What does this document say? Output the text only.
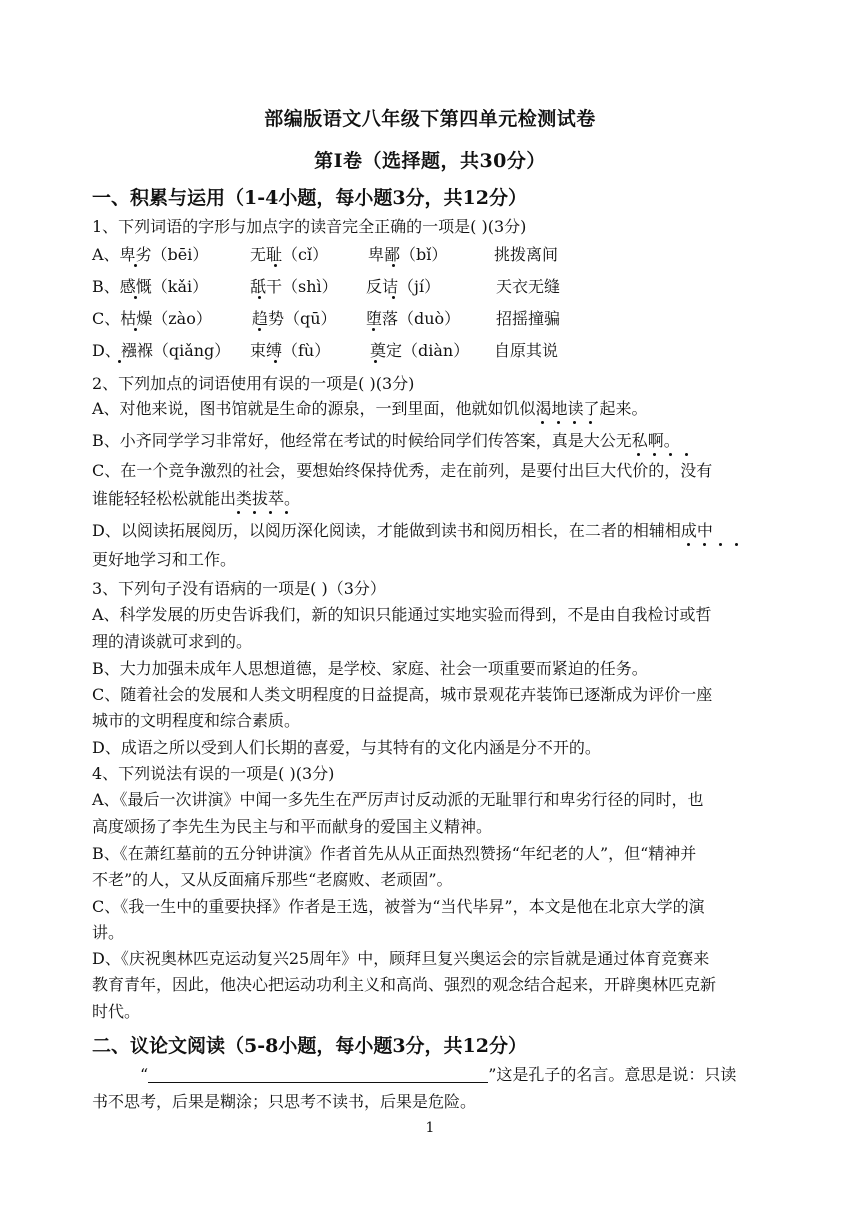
部编版语文八年级下第四单元检测试卷
第Ⅰ卷（选择题，共30分）
一、积累与运用（1-4小题，每小题3分，共12分）
1、下列词语的字形与加点字的读音完全正确的一项是( )(3分)
A、卑劣（bēi）	无耻（cǐ） 卑鄙（bǐ）	挑拨离间
B、感慨（kǎi）	舐干（shì） 反诘（jí）	天衣无缝
C、枯燥（zào）	趋势（qū） 堕落（duò） 招摇撞骗
D、襁褓（qiǎng） 束缚（fù） 奠定（diàn） 自原其说
2、下列加点的词语使用有误的一项是( )(3分)
A、对他来说，图书馆就是生命的源泉，一到里面，他就如饥似渴地读了起来。
B、小齐同学学习非常好，他经常在考试的时候给同学们传答案，真是大公无私啊。
C、在一个竞争激烈的社会，要想始终保持优秀，走在前列，是要付出巨大代价的，没有
谁能轻轻松松就能出类拔萃。
D、以阅读拓展阅历，以阅历深化阅读，才能做到读书和阅历相长，在二者的相辅相成中
更好地学习和工作。
3、下列句子没有语病的一项是( )（3分）
A、科学发展的历史告诉我们，新的知识只能通过实地实验而得到，不是由自我检讨或哲
理的清谈就可求到的。
B、大力加强未成年人思想道德，是学校、家庭、社会一项重要而紧迫的任务。
C、随着社会的发展和人类文明程度的日益提高，城市景观花卉装饰已逐渐成为评价一座
城市的文明程度和综合素质。
D、成语之所以受到人们长期的喜爱，与其特有的文化内涵是分不开的。
4、下列说法有误的一项是( )(3分)
A、《最后一次讲演》中闻一多先生在严厉声讨反动派的无耻罪行和卑劣行径的同时，也
高度颂扬了李先生为民主与和平而献身的爱国主义精神。
B、《在萧红墓前的五分钟讲演》作者首先从从正面热烈赞扬“年纪老的人”，但“精神并
不老”的人，又从反面痛斥那些“老腐败、老顽固”。
C、《我一生中的重要抉择》作者是王选，被誉为“当代毕昇”，本文是他在北京大学的演
讲。
D、《庆祝奥林匹克运动复兴25周年》中，顾拜旦复兴奥运会的宗旨就是通过体育竞赛来
教育青年，因此，他决心把运动功利主义和高尚、强烈的观念结合起来，开辟奥林匹克新
时代。
二、议论文阅读（5-8小题，每小题3分，共12分）
“	”这是孔子的名言。意思是说：只读
书不思考，后果是糊涂；只思考不读书，后果是危险。
1
